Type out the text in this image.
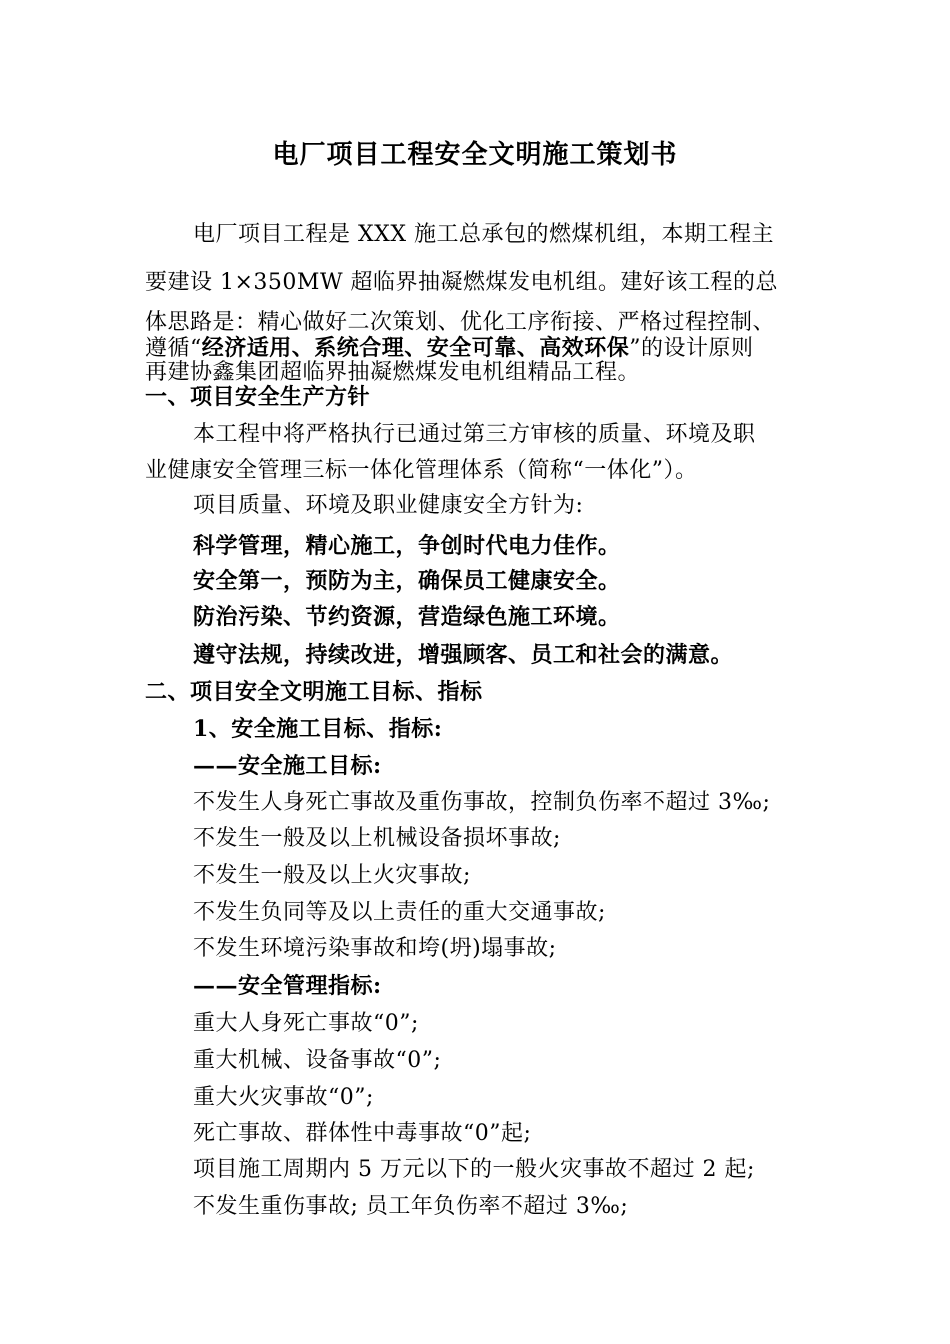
电厂项目工程安全文明施工策划书
电厂项目工程是 XXX 施工总承包的燃煤机组，本期工程主
要建设 1×350MW 超临界抽凝燃煤发电机组。建好该工程的总
体思路是：精心做好二次策划、优化工序衔接、严格过程控制、
遵循“经济适用、系统合理、安全可靠、高效环保”的设计原则
再建协鑫集团超临界抽凝燃煤发电机组精品工程。
一、项目安全生产方针
本工程中将严格执行已通过第三方审核的质量、环境及职
业健康安全管理三标一体化管理体系（简称“一体化”）。
项目质量、环境及职业健康安全方针为:
科学管理，精心施工，争创时代电力佳作。
安全第一，预防为主，确保员工健康安全。
防治污染、节约资源，营造绿色施工环境。
遵守法规，持续改进，增强顾客、员工和社会的满意。
二、项目安全文明施工目标、指标
1、安全施工目标、指标:
——安全施工目标:
不发生人身死亡事故及重伤事故，控制负伤率不超过 3‰;
不发生一般及以上机械设备损坏事故;
不发生一般及以上火灾事故;
不发生负同等及以上责任的重大交通事故;
不发生环境污染事故和垮(坍)塌事故;
——安全管理指标:
重大人身死亡事故“0”;
重大机械、设备事故“0”;
重大火灾事故“0”;
死亡事故、群体性中毒事故“0”起;
项目施工周期内 5 万元以下的一般火灾事故不超过 2 起;
不发生重伤事故; 员工年负伤率不超过 3‰;
